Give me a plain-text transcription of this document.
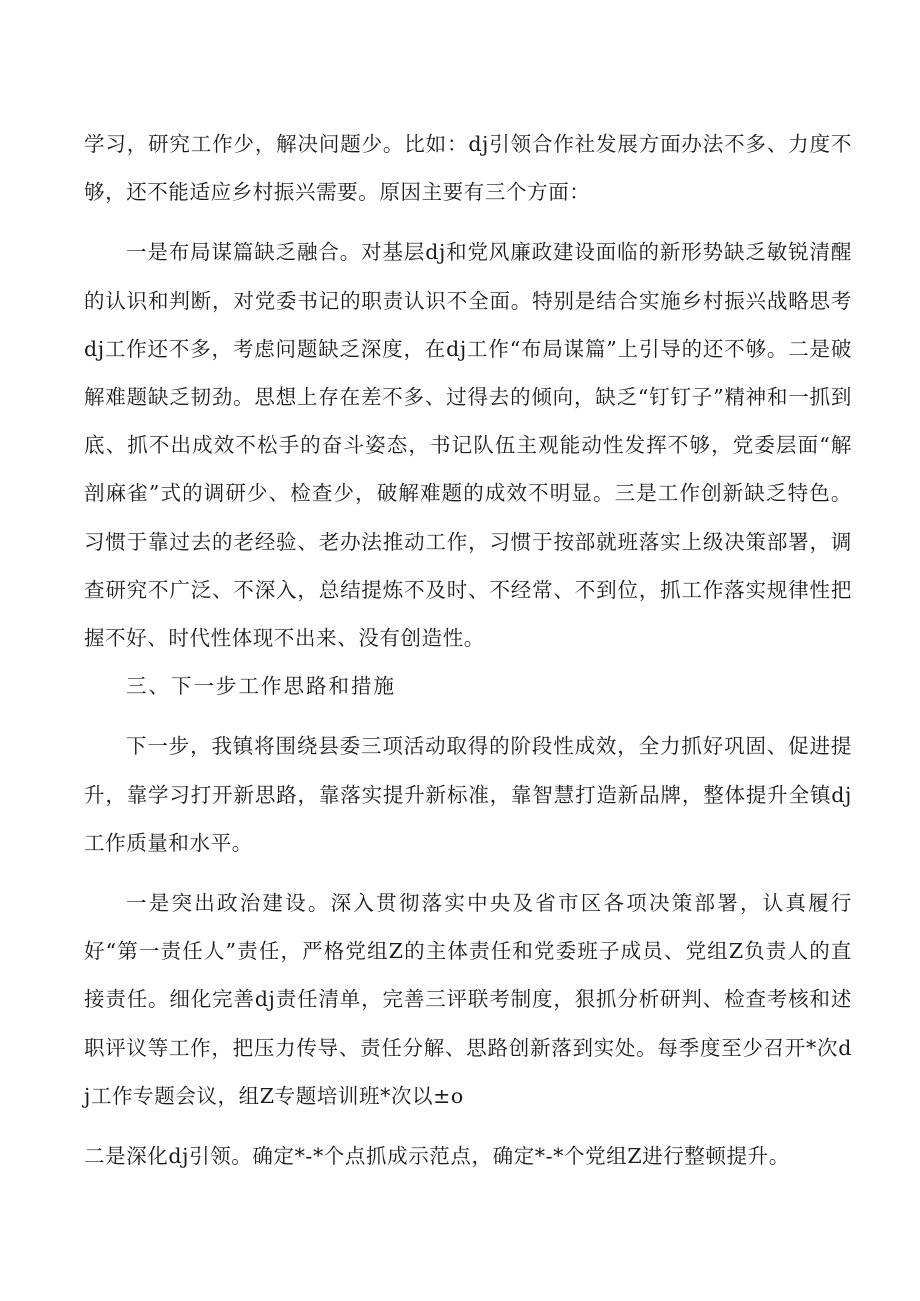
学习，研究工作少，解决问题少。比如：dj引领合作社发展方面办法不多、力度不够，还不能适应乡村振兴需要。原因主要有三个方面：

一是布局谋篇缺乏融合。对基层dj和党风廉政建设面临的新形势缺乏敏锐清醒的认识和判断，对党委书记的职责认识不全面。特别是结合实施乡村振兴战略思考dj工作还不多，考虑问题缺乏深度，在dj工作“布局谋篇”上引导的还不够。二是破解难题缺乏韧劲。思想上存在差不多、过得去的倾向，缺乏“钉钉子”精神和一抓到底、抓不出成效不松手的奋斗姿态，书记队伍主观能动性发挥不够，党委层面“解剖麻雀”式的调研少、检查少，破解难题的成效不明显。三是工作创新缺乏特色。习惯于靠过去的老经验、老办法推动工作，习惯于按部就班落实上级决策部署，调查研究不广泛、不深入，总结提炼不及时、不经常、不到位，抓工作落实规律性把握不好、时代性体现不出来、没有创造性。

三、下一步工作思路和措施

下一步，我镇将围绕县委三项活动取得的阶段性成效，全力抓好巩固、促进提升，靠学习打开新思路，靠落实提升新标准，靠智慧打造新品牌，整体提升全镇dj工作质量和水平。

一是突出政治建设。深入贯彻落实中央及省市区各项决策部署，认真履行好“第一责任人”责任，严格党组Z的主体责任和党委班子成员、党组Z负责人的直接责任。细化完善dj责任清单，完善三评联考制度，狠抓分析研判、检查考核和述职评议等工作，把压力传导、责任分解、思路创新落到实处。每季度至少召开*次dj工作专题会议，组Z专题培训班*次以±o

二是深化dj引领。确定*-*个点抓成示范点，确定*-*个党组Z进行整顿提升。
